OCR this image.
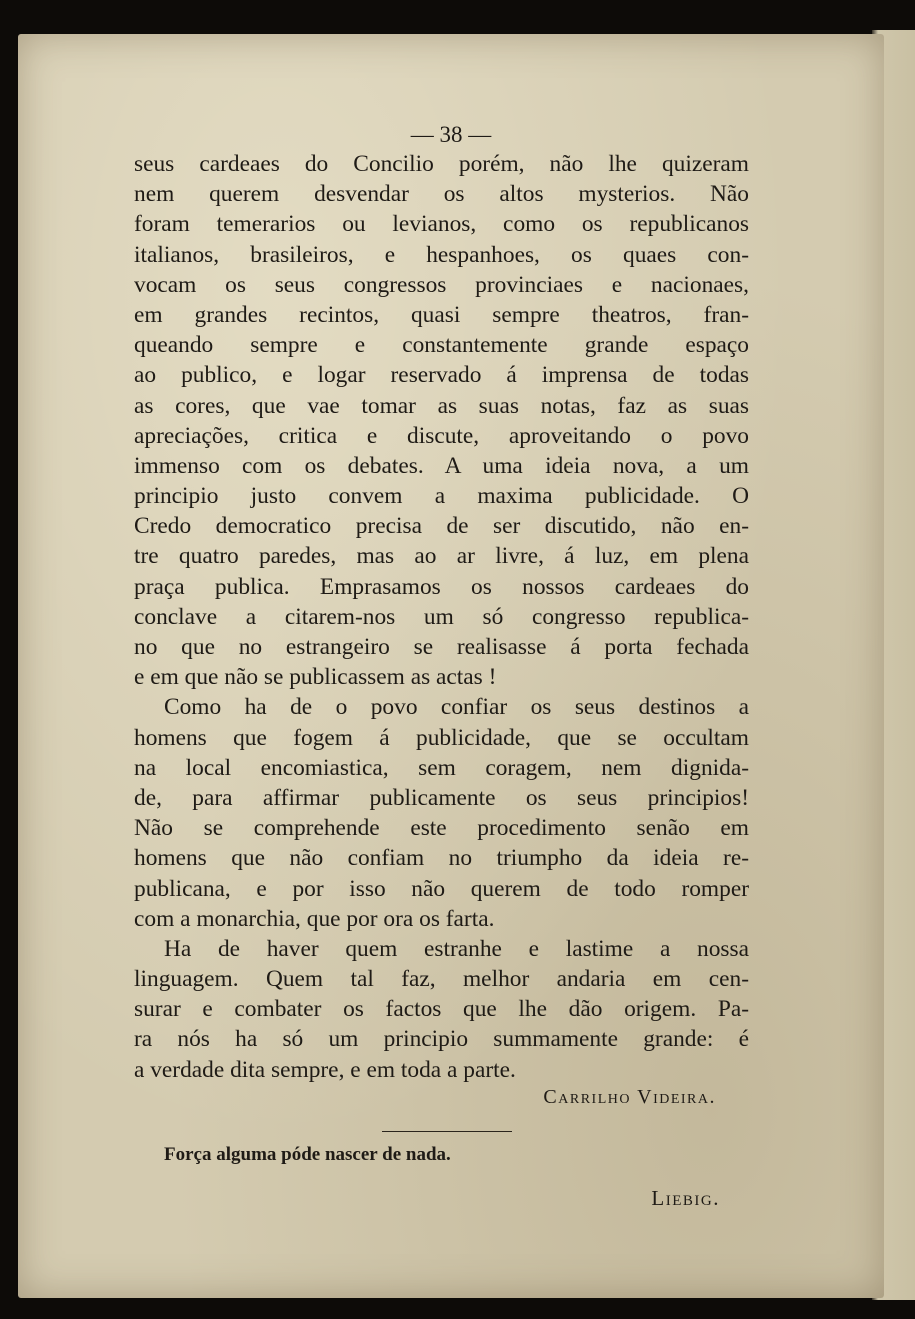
— 38 —
seus cardeaes do Concilio porém, não lhe quizeram
nem querem desvendar os altos mysterios. Não
foram temerarios ou levianos, como os republicanos
italianos, brasileiros, e hespanhoes, os quaes con-
vocam os seus congressos provinciaes e nacionaes,
em grandes recintos, quasi sempre theatros, fran-
queando sempre e constantemente grande espaço
ao publico, e logar reservado á imprensa de todas
as cores, que vae tomar as suas notas, faz as suas
apreciações, critica e discute, aproveitando o povo
immenso com os debates. A uma ideia nova, a um
principio justo convem a maxima publicidade. O
Credo democratico precisa de ser discutido, não en-
tre quatro paredes, mas ao ar livre, á luz, em plena
praça publica. Emprasamos os nossos cardeaes do
conclave a citarem-nos um só congresso republica-
no que no estrangeiro se realisasse á porta fechada
e em que não se publicassem as actas !
Como ha de o povo confiar os seus destinos a
homens que fogem á publicidade, que se occultam
na local encomiastica, sem coragem, nem dignida-
de, para affirmar publicamente os seus principios!
Não se comprehende este procedimento senão em
homens que não confiam no triumpho da ideia re-
publicana, e por isso não querem de todo romper
com a monarchia, que por ora os farta.
Ha de haver quem estranhe e lastime a nossa
linguagem. Quem tal faz, melhor andaria em cen-
surar e combater os factos que lhe dão origem. Pa-
ra nós ha só um principio summamente grande: é
a verdade dita sempre, e em toda a parte.
Carrilho Videira.
Força alguma póde nascer de nada.
Liebig.
